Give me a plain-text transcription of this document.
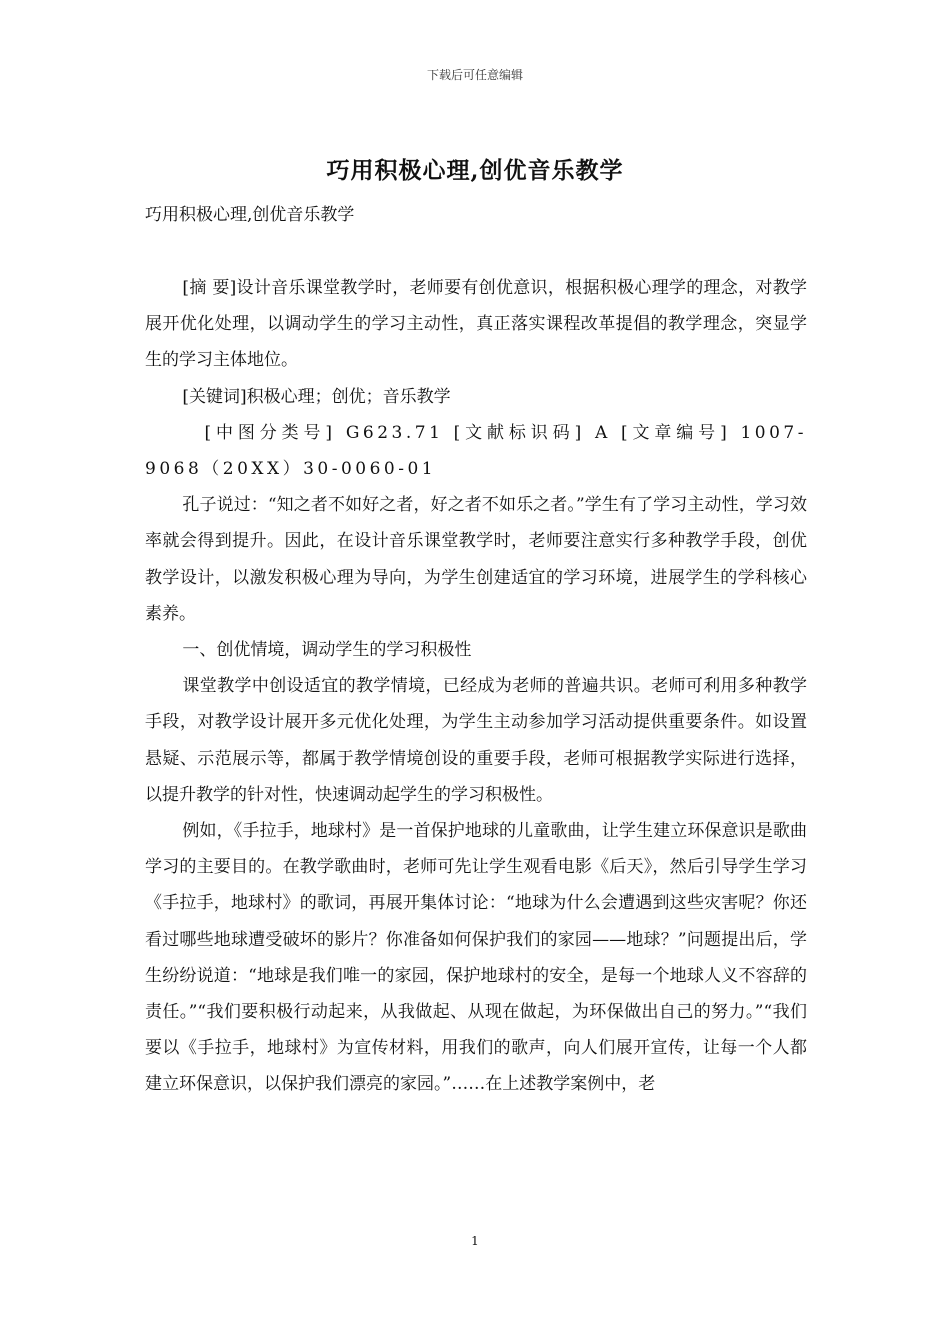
下载后可任意编辑
巧用积极心理,创优音乐教学
巧用积极心理,创优音乐教学

[摘 要]设计音乐课堂教学时，老师要有创优意识，根据积极心理学的理念，对教学展开优化处理，以调动学生的学习主动性，真正落实课程改革提倡的教学理念，突显学生的学习主体地位。

[关键词]积极心理；创优；音乐教学

[中图分类号] G623.71 [文献标识码] A [文章编号] 1007-9068（20XX）30-0060-01

孔子说过：“知之者不如好之者，好之者不如乐之者。”学生有了学习主动性，学习效率就会得到提升。因此，在设计音乐课堂教学时，老师要注意实行多种教学手段，创优教学设计，以激发积极心理为导向，为学生创建适宜的学习环境，进展学生的学科核心素养。

一、创优情境，调动学生的学习积极性

课堂教学中创设适宜的教学情境，已经成为老师的普遍共识。老师可利用多种教学手段，对教学设计展开多元优化处理，为学生主动参加学习活动提供重要条件。如设置悬疑、示范展示等，都属于教学情境创设的重要手段，老师可根据教学实际进行选择，以提升教学的针对性，快速调动起学生的学习积极性。

例如，《手拉手，地球村》是一首保护地球的儿童歌曲，让学生建立环保意识是歌曲学习的主要目的。在教学歌曲时，老师可先让学生观看电影《后天》，然后引导学生学习《手拉手，地球村》的歌词，再展开集体讨论：“地球为什么会遭遇到这些灾害呢？你还看过哪些地球遭受破坏的影片？你准备如何保护我们的家园——地球？”问题提出后，学生纷纷说道：“地球是我们唯一的家园，保护地球村的安全，是每一个地球人义不容辞的责任。”“我们要积极行动起来，从我做起、从现在做起，为环保做出自己的努力。”“我们要以《手拉手，地球村》为宣传材料，用我们的歌声，向人们展开宣传，让每一个人都建立环保意识，以保护我们漂亮的家园。”……在上述教学案例中，老

1
